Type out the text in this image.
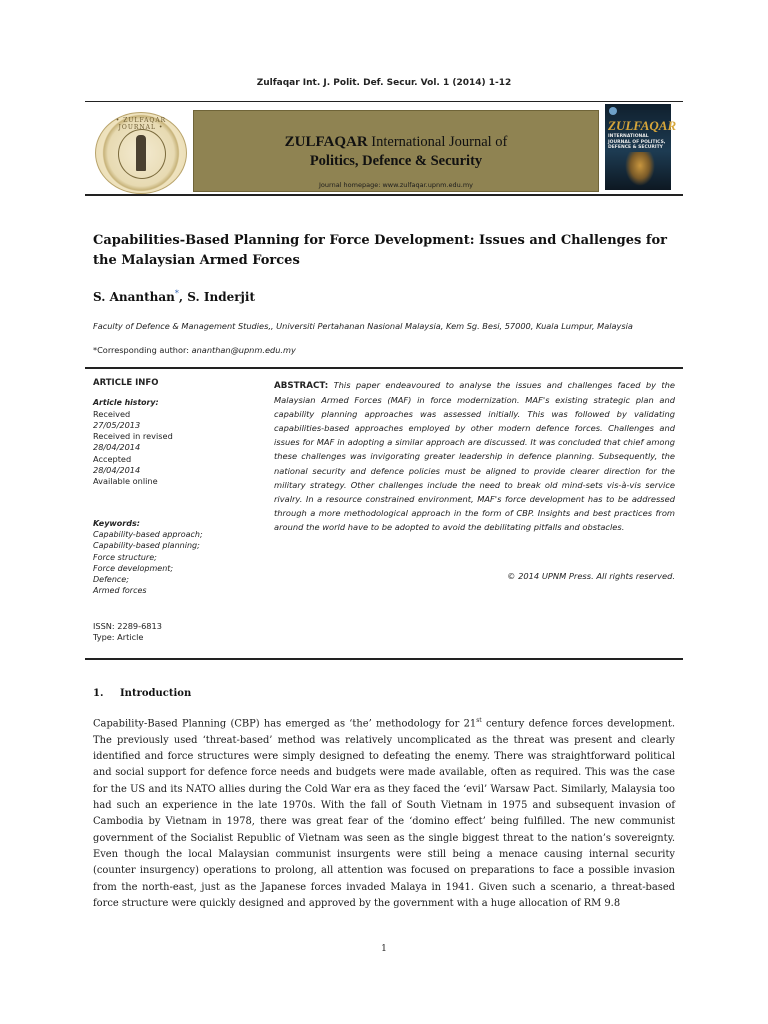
Zulfaqar Int. J. Polit. Def. Secur. Vol. 1 (2014) 1-12
• ZULFAQAR JOURNAL •
ZULFAQAR International Journal of
Politics, Defence & Security
Journal homepage: www.zulfaqar.upnm.edu.my
ZULFAQAR
INTERNATIONAL JOURNAL OF POLITICS, DEFENCE & SECURITY
Capabilities-Based Planning for Force Development: Issues and Challenges for the Malaysian Armed Forces
S. Ananthan*, S. Inderjit
Faculty of Defence & Management Studies,, Universiti Pertahanan Nasional Malaysia, Kem Sg. Besi, 57000, Kuala Lumpur, Malaysia
*Corresponding author: ananthan@upnm.edu.my
ARTICLE INFO
Article history:
Received
27/05/2013
Received in revised
28/04/2014
Accepted
28/04/2014
Available online
Keywords:
Capability-based approach;
Capability-based planning;
Force structure;
Force development;
Defence;
Armed forces
ISSN: 2289-6813
Type: Article
ABSTRACT: This paper endeavoured to analyse the issues and challenges faced by the Malaysian Armed Forces (MAF) in force modernization. MAF's existing strategic plan and capability planning approaches was assessed initially. This was followed by validating capabilities-based approaches employed by other modern defence forces. Challenges and issues for MAF in adopting a similar approach are discussed. It was concluded that chief among these challenges was invigorating greater leadership in defence planning. Subsequently, the national security and defence policies must be aligned to provide clearer direction for the military strategy. Other challenges include the need to break old mind-sets vis-à-vis service rivalry. In a resource constrained environment, MAF's force development has to be addressed through a more methodological approach in the form of CBP. Insights and best practices from around the world have to be adopted to avoid the debilitating pitfalls and obstacles.
© 2014 UPNM Press. All rights reserved.
1. Introduction
Capability-Based Planning (CBP) has emerged as ‘the’ methodology for 21st century defence forces development. The previously used ‘threat-based’ method was relatively uncomplicated as the threat was present and clearly identified and force structures were simply designed to defeating the enemy. There was straightforward political and social support for defence force needs and budgets were made available, often as required. This was the case for the US and its NATO allies during the Cold War era as they faced the ‘evil’ Warsaw Pact. Similarly, Malaysia too had such an experience in the late 1970s. With the fall of South Vietnam in 1975 and subsequent invasion of Cambodia by Vietnam in 1978, there was great fear of the ‘domino effect’ being fulfilled. The new communist government of the Socialist Republic of Vietnam was seen as the single biggest threat to the nation’s sovereignty. Even though the local Malaysian communist insurgents were still being a menace causing internal security (counter insurgency) operations to prolong, all attention was focused on preparations to face a possible invasion from the north-east, just as the Japanese forces invaded Malaya in 1941. Given such a scenario, a threat-based force structure were quickly designed and approved by the government with a huge allocation of RM 9.8
1
